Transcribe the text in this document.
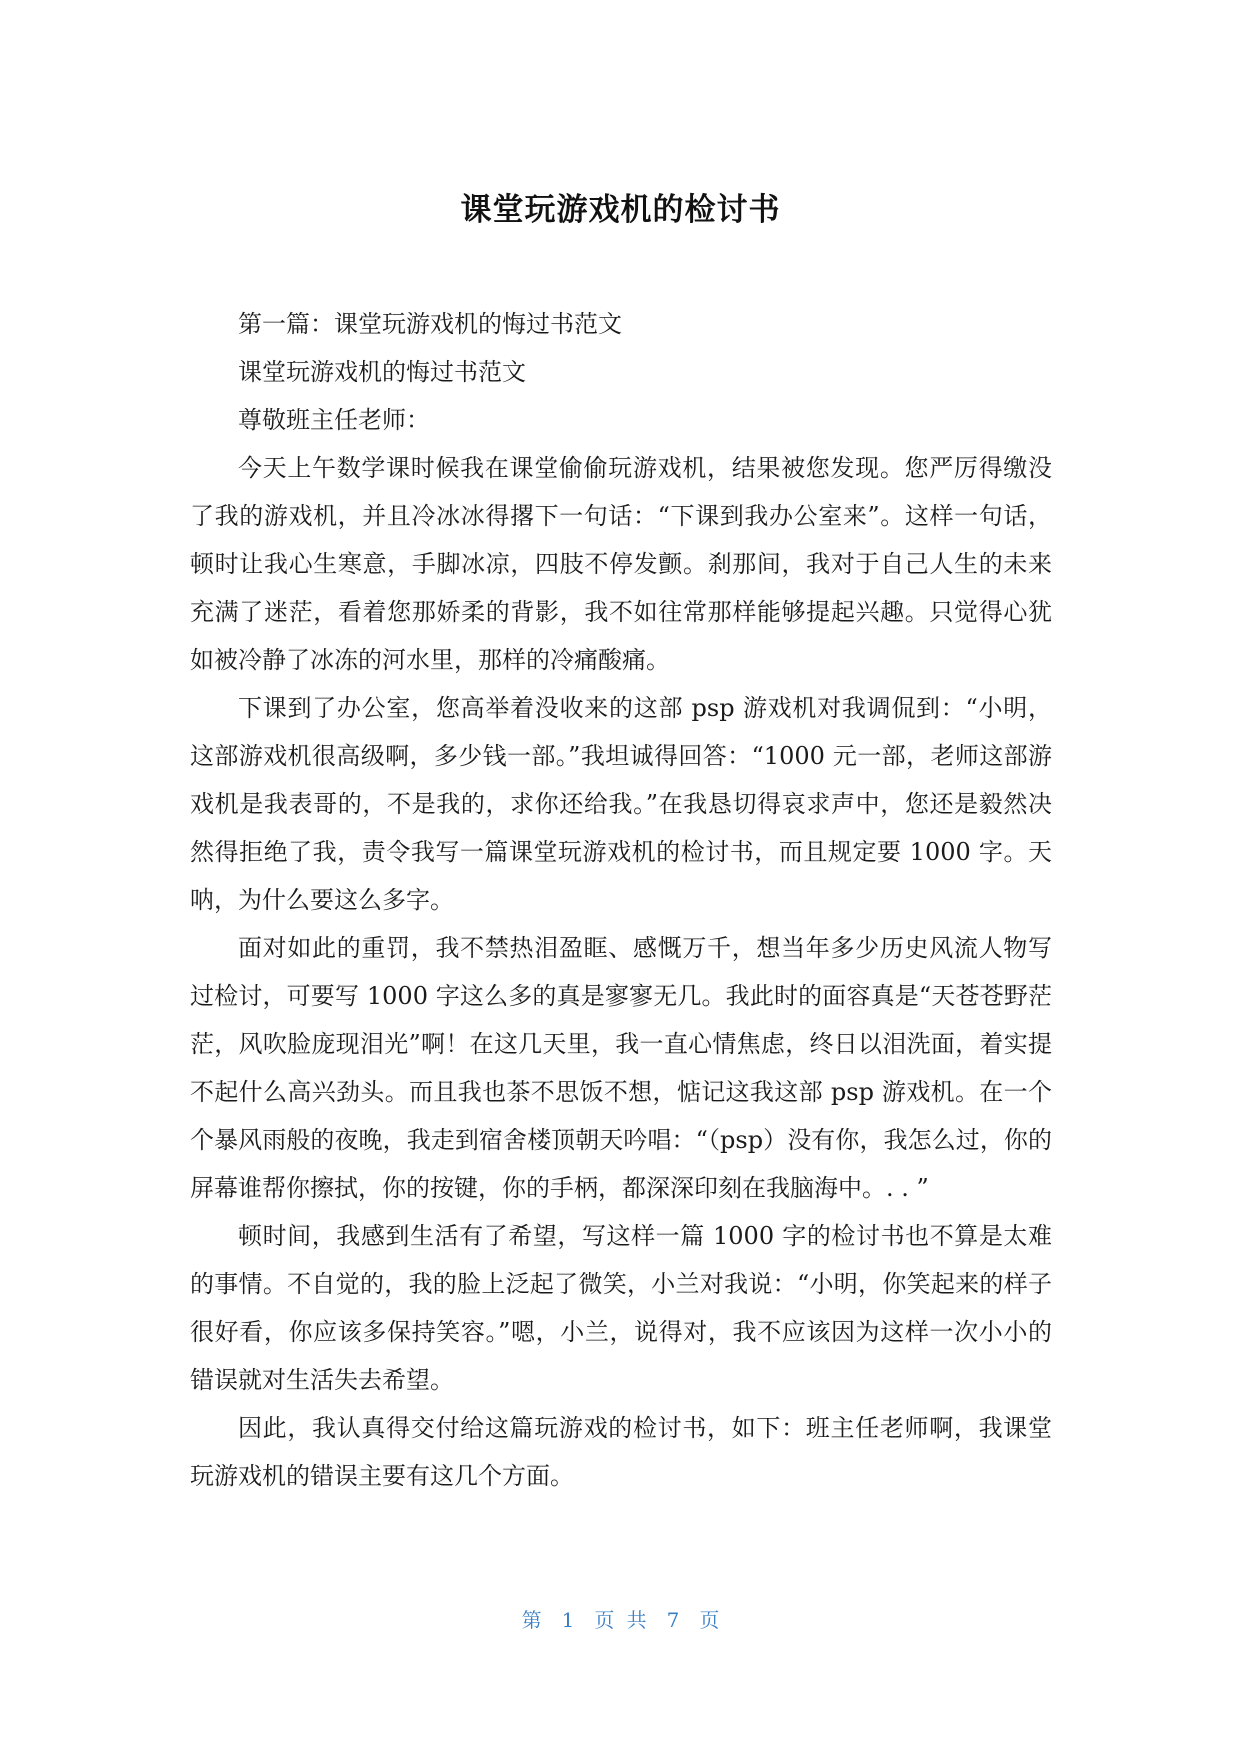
课堂玩游戏机的检讨书

第一篇：课堂玩游戏机的悔过书范文

课堂玩游戏机的悔过书范文

尊敬班主任老师：

今天上午数学课时候我在课堂偷偷玩游戏机，结果被您发现。您严厉得缴没了我的游戏机，并且冷冰冰得撂下一句话：“下课到我办公室来”。这样一句话，顿时让我心生寒意，手脚冰凉，四肢不停发颤。刹那间，我对于自己人生的未来充满了迷茫，看着您那娇柔的背影，我不如往常那样能够提起兴趣。只觉得心犹如被冷静了冰冻的河水里，那样的冷痛酸痛。

下课到了办公室，您高举着没收来的这部 psp 游戏机对我调侃到：“小明，这部游戏机很高级啊，多少钱一部。”我坦诚得回答：“1000 元一部，老师这部游戏机是我表哥的，不是我的，求你还给我。”在我恳切得哀求声中，您还是毅然决然得拒绝了我，责令我写一篇课堂玩游戏机的检讨书，而且规定要 1000 字。天呐，为什么要这么多字。

面对如此的重罚，我不禁热泪盈眶、感慨万千，想当年多少历史风流人物写过检讨，可要写 1000 字这么多的真是寥寥无几。我此时的面容真是“天苍苍野茫茫，风吹脸庞现泪光”啊！在这几天里，我一直心情焦虑，终日以泪洗面，着实提不起什么高兴劲头。而且我也茶不思饭不想，惦记这我这部 psp 游戏机。在一个个暴风雨般的夜晚，我走到宿舍楼顶朝天吟唱：“（psp）没有你，我怎么过，你的屏幕谁帮你擦拭，你的按键，你的手柄，都深深印刻在我脑海中。. . ”

顿时间，我感到生活有了希望，写这样一篇 1000 字的检讨书也不算是太难的事情。不自觉的，我的脸上泛起了微笑，小兰对我说：“小明，你笑起来的样子很好看，你应该多保持笑容。”嗯，小兰，说得对，我不应该因为这样一次小小的错误就对生活失去希望。

因此，我认真得交付给这篇玩游戏的检讨书，如下：班主任老师啊，我课堂玩游戏机的错误主要有这几个方面。

第 1 页 共 7 页
